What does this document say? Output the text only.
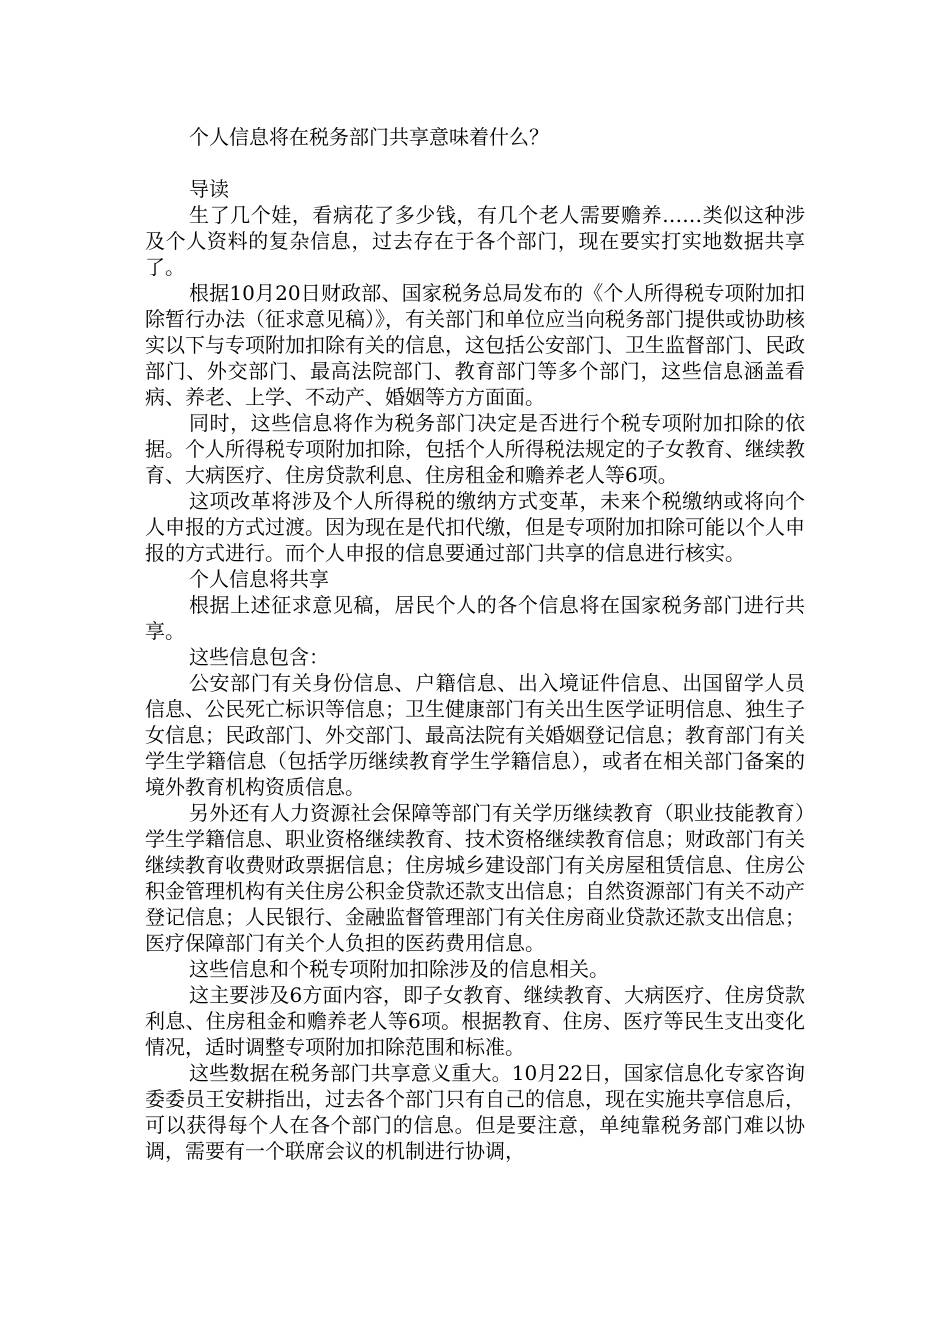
个人信息将在税务部门共享意味着什么？

导读

生了几个娃，看病花了多少钱，有几个老人需要赡养……类似这种涉及个人资料的复杂信息，过去存在于各个部门，现在要实打实地数据共享了。

根据10月20日财政部、国家税务总局发布的《个人所得税专项附加扣除暂行办法（征求意见稿）》，有关部门和单位应当向税务部门提供或协助核实以下与专项附加扣除有关的信息，这包括公安部门、卫生监督部门、民政部门、外交部门、最高法院部门、教育部门等多个部门，这些信息涵盖看病、养老、上学、不动产、婚姻等方方面面。

同时，这些信息将作为税务部门决定是否进行个税专项附加扣除的依据。个人所得税专项附加扣除，包括个人所得税法规定的子女教育、继续教育、大病医疗、住房贷款利息、住房租金和赡养老人等6项。

这项改革将涉及个人所得税的缴纳方式变革，未来个税缴纳或将向个人申报的方式过渡。因为现在是代扣代缴，但是专项附加扣除可能以个人申报的方式进行。而个人申报的信息要通过部门共享的信息进行核实。

个人信息将共享

根据上述征求意见稿，居民个人的各个信息将在国家税务部门进行共享。

这些信息包含：

公安部门有关身份信息、户籍信息、出入境证件信息、出国留学人员信息、公民死亡标识等信息；卫生健康部门有关出生医学证明信息、独生子女信息；民政部门、外交部门、最高法院有关婚姻登记信息；教育部门有关学生学籍信息（包括学历继续教育学生学籍信息），或者在相关部门备案的境外教育机构资质信息。

另外还有人力资源社会保障等部门有关学历继续教育（职业技能教育）学生学籍信息、职业资格继续教育、技术资格继续教育信息；财政部门有关继续教育收费财政票据信息；住房城乡建设部门有关房屋租赁信息、住房公积金管理机构有关住房公积金贷款还款支出信息；自然资源部门有关不动产登记信息；人民银行、金融监督管理部门有关住房商业贷款还款支出信息；医疗保障部门有关个人负担的医药费用信息。

这些信息和个税专项附加扣除涉及的信息相关。

这主要涉及6方面内容，即子女教育、继续教育、大病医疗、住房贷款利息、住房租金和赡养老人等6项。根据教育、住房、医疗等民生支出变化情况，适时调整专项附加扣除范围和标准。

这些数据在税务部门共享意义重大。10月22日，国家信息化专家咨询委委员王安耕指出，过去各个部门只有自己的信息，现在实施共享信息后，可以获得每个人在各个部门的信息。但是要注意，单纯靠税务部门难以协调，需要有一个联席会议的机制进行协调，
